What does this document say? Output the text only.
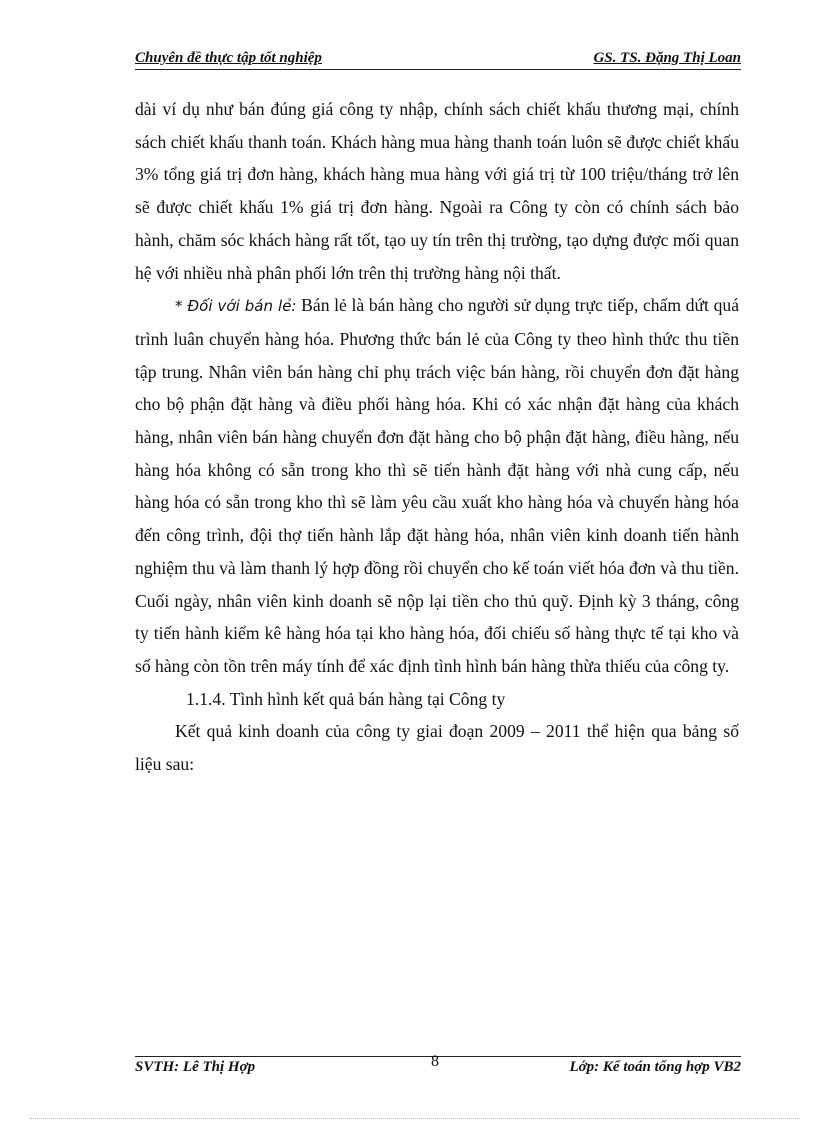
Chuyên đề thực tập tốt nghiệp	GS. TS. Đặng Thị Loan

dài ví dụ như bán đúng giá công ty nhập, chính sách chiết khấu thương mại, chính sách chiết khấu thanh toán. Khách hàng mua hàng thanh toán luôn sẽ được chiết khấu 3% tổng giá trị đơn hàng, khách hàng mua hàng với giá trị từ 100 triệu/tháng trở lên sẽ được chiết khấu 1% giá trị đơn hàng. Ngoài ra Công ty còn có chính sách bảo hành, chăm sóc khách hàng rất tốt, tạo uy tín trên thị trường, tạo dựng được mối quan hệ với nhiều nhà phân phối lớn trên thị trường hàng nội thất.

* Đối với bán lẻ: Bán lẻ là bán hàng cho người sử dụng trực tiếp, chấm dứt quá trình luân chuyển hàng hóa. Phương thức bán lẻ của Công ty theo hình thức thu tiền tập trung. Nhân viên bán hàng chỉ phụ trách việc bán hàng, rồi chuyển đơn đặt hàng cho bộ phận đặt hàng và điều phối hàng hóa. Khi có xác nhận đặt hàng của khách hàng, nhân viên bán hàng chuyển đơn đặt hàng cho bộ phận đặt hàng, điều hàng, nếu hàng hóa không có sẵn trong kho thì sẽ tiến hành đặt hàng với nhà cung cấp, nếu hàng hóa có sẵn trong kho thì sẽ làm yêu cầu xuất kho hàng hóa và chuyển hàng hóa đến công trình, đội thợ tiến hành lắp đặt hàng hóa, nhân viên kinh doanh tiến hành nghiệm thu và làm thanh lý hợp đồng rồi chuyển cho kế toán viết hóa đơn và thu tiền. Cuối ngày, nhân viên kinh doanh sẽ nộp lại tiền cho thủ quỹ. Định kỳ 3 tháng, công ty tiến hành kiểm kê hàng hóa tại kho hàng hóa, đối chiếu số hàng thực tế tại kho và số hàng còn tồn trên máy tính để xác định tình hình bán hàng thừa thiếu của công ty.

1.1.4. Tình hình kết quả bán hàng tại Công ty

Kết quả kinh doanh của công ty giai đoạn 2009 – 2011 thể hiện qua bảng số liệu sau:

SVTH: Lê Thị Hợp	8	Lớp: Kế toán tổng hợp VB2
